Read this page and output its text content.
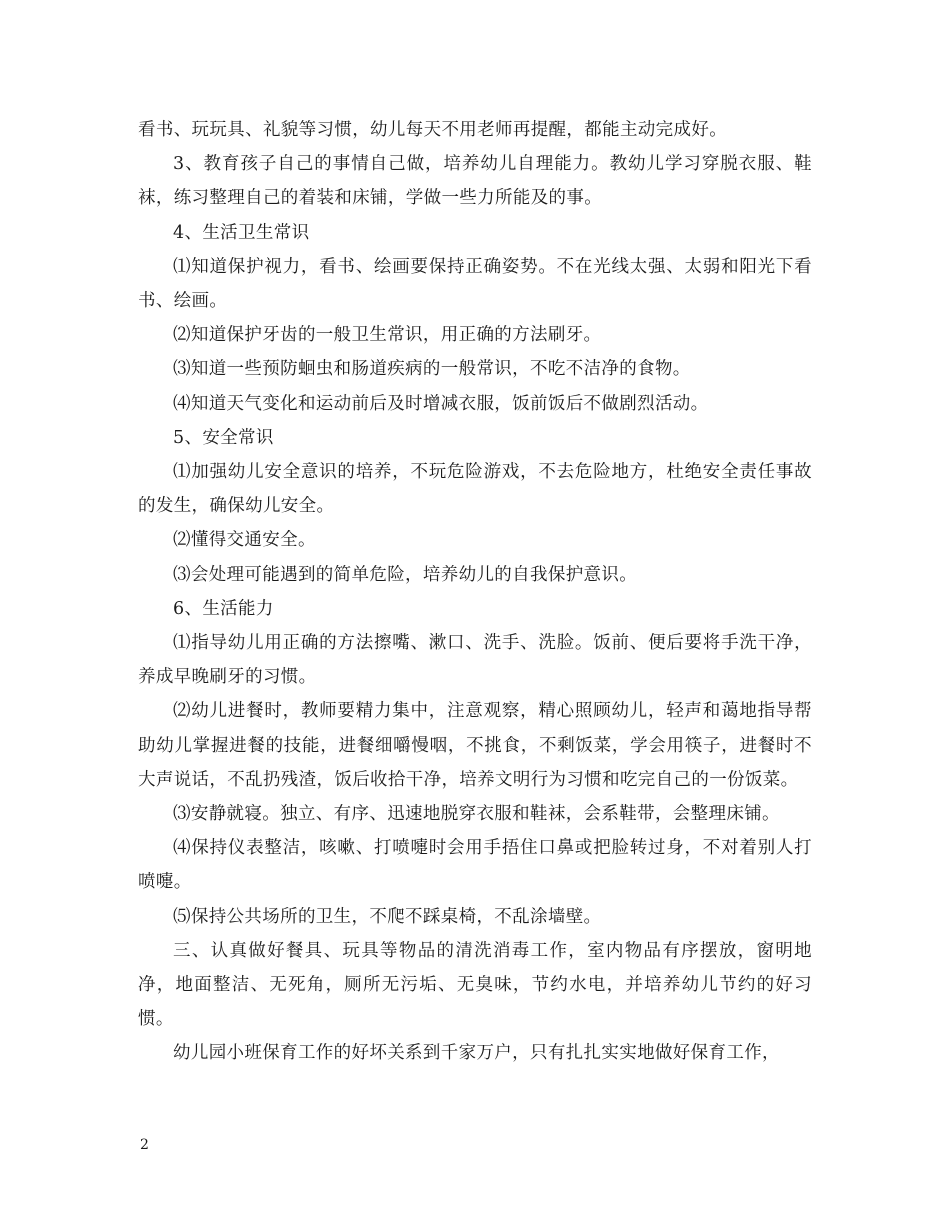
看书、玩玩具、礼貌等习惯，幼儿每天不用老师再提醒，都能主动完成好。

3、教育孩子自己的事情自己做，培养幼儿自理能力。教幼儿学习穿脱衣服、鞋袜，练习整理自己的着装和床铺，学做一些力所能及的事。

4、生活卫生常识

⑴知道保护视力，看书、绘画要保持正确姿势。不在光线太强、太弱和阳光下看书、绘画。

⑵知道保护牙齿的一般卫生常识，用正确的方法刷牙。

⑶知道一些预防蛔虫和肠道疾病的一般常识，不吃不洁净的食物。

⑷知道天气变化和运动前后及时增减衣服，饭前饭后不做剧烈活动。

5、安全常识

⑴加强幼儿安全意识的培养，不玩危险游戏，不去危险地方，杜绝安全责任事故的发生，确保幼儿安全。

⑵懂得交通安全。

⑶会处理可能遇到的简单危险，培养幼儿的自我保护意识。

6、生活能力

⑴指导幼儿用正确的方法擦嘴、漱口、洗手、洗脸。饭前、便后要将手洗干净，养成早晚刷牙的习惯。

⑵幼儿进餐时，教师要精力集中，注意观察，精心照顾幼儿，轻声和蔼地指导帮助幼儿掌握进餐的技能，进餐细嚼慢咽，不挑食，不剩饭菜，学会用筷子，进餐时不大声说话，不乱扔残渣，饭后收拾干净，培养文明行为习惯和吃完自己的一份饭菜。

⑶安静就寝。独立、有序、迅速地脱穿衣服和鞋袜，会系鞋带，会整理床铺。

⑷保持仪表整洁，咳嗽、打喷嚏时会用手捂住口鼻或把脸转过身，不对着别人打喷嚏。

⑸保持公共场所的卫生，不爬不踩桌椅，不乱涂墙壁。

三、认真做好餐具、玩具等物品的清洗消毒工作，室内物品有序摆放，窗明地净，地面整洁、无死角，厕所无污垢、无臭味，节约水电，并培养幼儿节约的好习惯。

幼儿园小班保育工作的好坏关系到千家万户，只有扎扎实实地做好保育工作，

2
